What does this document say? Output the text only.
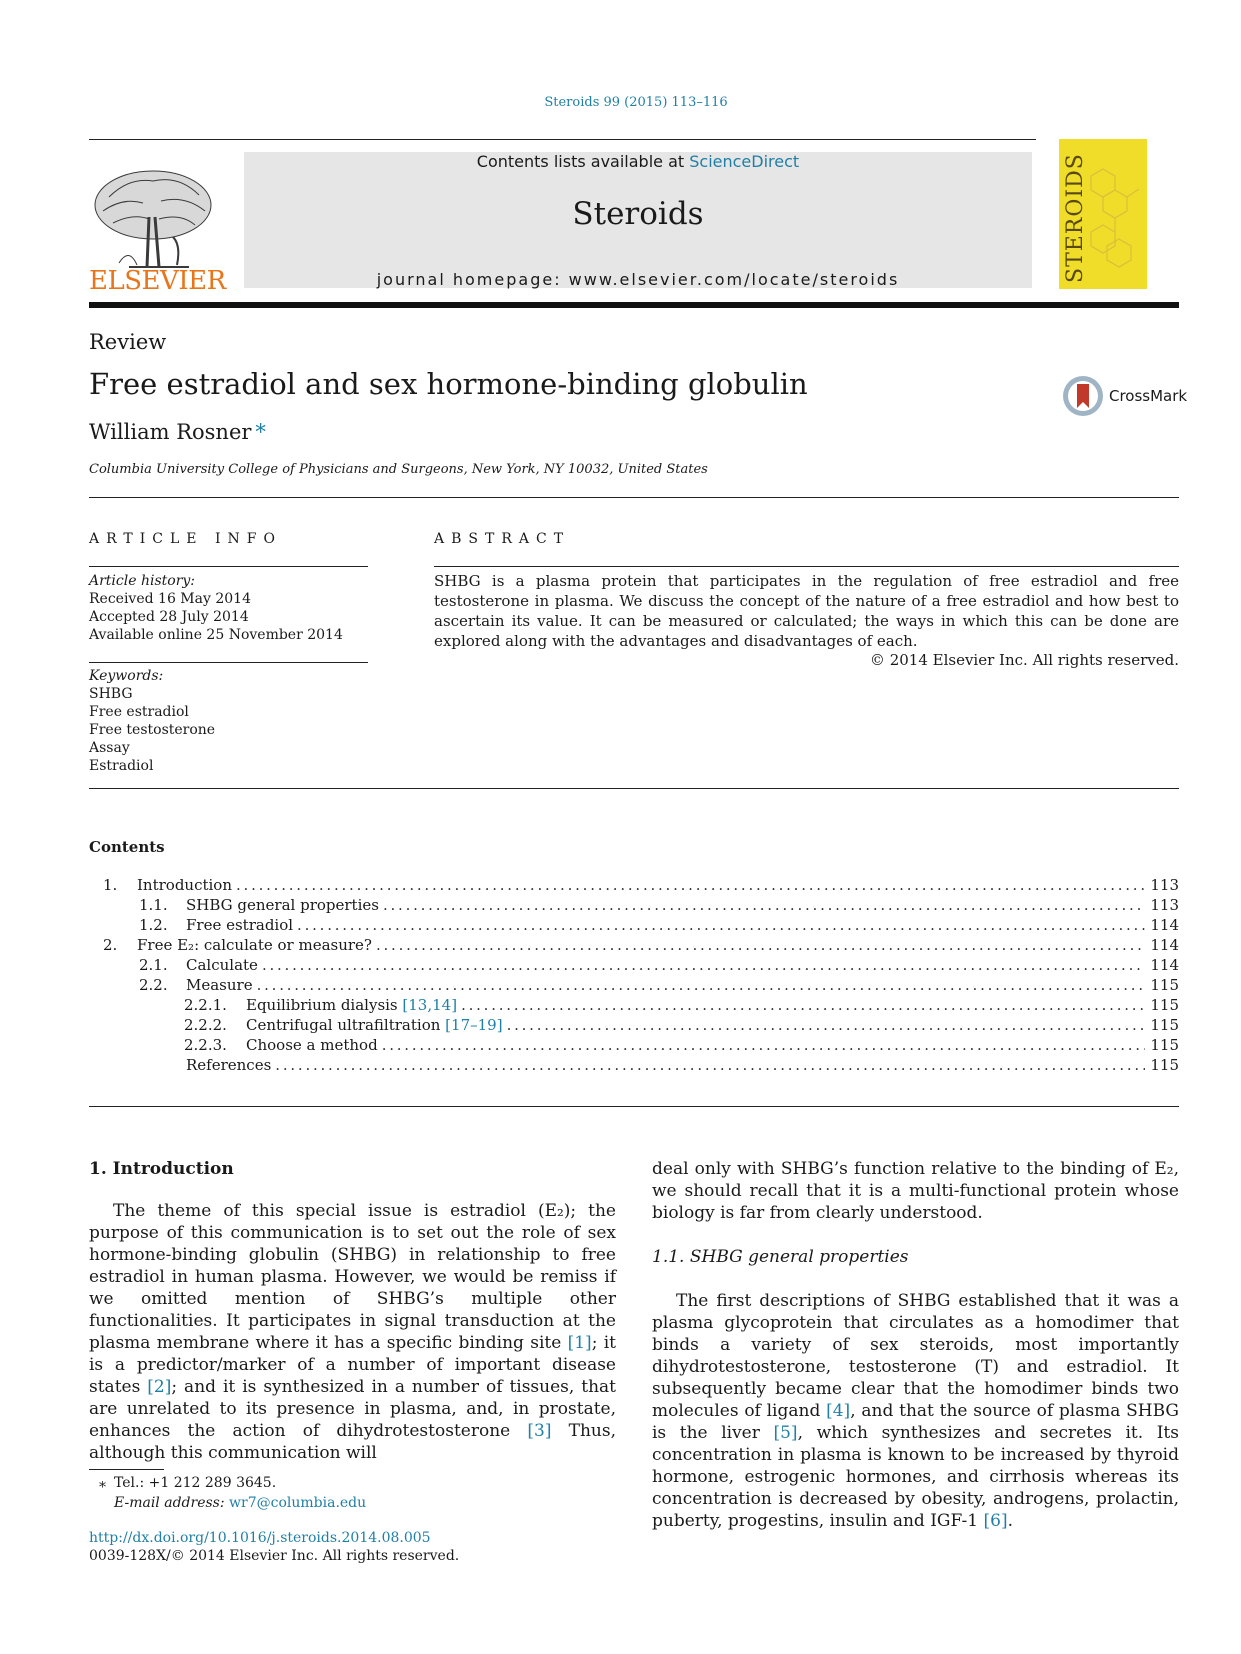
Steroids 99 (2015) 113–116
ELSEVIER
Contents lists available at ScienceDirect
Steroids
journal homepage: www.elsevier.com/locate/steroids	STEROIDS
Review
Free estradiol and sex hormone-binding globulin
William Rosner *
Columbia University College of Physicians and Surgeons, New York, NY 10032, United States
CrossMark
ARTICLE INFO	ABSTRACT
Article history:
Received 16 May 2014
Accepted 28 July 2014
Available online 25 November 2014
Keywords:
SHBG
Free estradiol
Free testosterone
Assay
Estradiol
SHBG is a plasma protein that participates in the regulation of free estradiol and free testosterone in plasma. We discuss the concept of the nature of a free estradiol and how best to ascertain its value. It can be measured or calculated; the ways in which this can be done are explored along with the advantages and disadvantages of each.
© 2014 Elsevier Inc. All rights reserved.
Contents
1.	Introduction . . .	113
1.1.	SHBG general properties . . .	113
1.2.	Free estradiol . . .	114
2.	Free E₂: calculate or measure? . . .	114
2.1.	Calculate . . .	114
2.2.	Measure . . .	115
2.2.1.	Equilibrium dialysis [13,14] . . .	115
2.2.2.	Centrifugal ultrafiltration [17–19] . . .	115
2.2.3.	Choose a method . . .	115
References . . .	115
1. Introduction

The theme of this special issue is estradiol (E₂); the purpose of this communication is to set out the role of sex hormone-binding globulin (SHBG) in relationship to free estradiol in human plasma. However, we would be remiss if we omitted mention of SHBG’s multiple other functionalities. It participates in signal transduction at the plasma membrane where it has a specific binding site [1]; it is a predictor/marker of a number of important disease states [2]; and it is synthesized in a number of tissues, that are unrelated to its presence in plasma, and, in prostate, enhances the action of dihydrotestosterone [3] Thus, although this communication will

deal only with SHBG’s function relative to the binding of E₂, we should recall that it is a multi-functional protein whose biology is far from clearly understood.

1.1. SHBG general properties

The first descriptions of SHBG established that it was a plasma glycoprotein that circulates as a homodimer that binds a variety of sex steroids, most importantly dihydrotestosterone, testosterone (T) and estradiol. It subsequently became clear that the homodimer binds two molecules of ligand [4], and that the source of plasma SHBG is the liver [5], which synthesizes and secretes it. Its concentration in plasma is known to be increased by thyroid hormone, estrogenic hormones, and cirrhosis whereas its concentration is decreased by obesity, androgens, prolactin, puberty, progestins, insulin and IGF-1 [6].

⁎ Tel.: +1 212 289 3645.
E-mail address: wr7@columbia.edu
http://dx.doi.org/10.1016/j.steroids.2014.08.005
0039-128X/© 2014 Elsevier Inc. All rights reserved.
